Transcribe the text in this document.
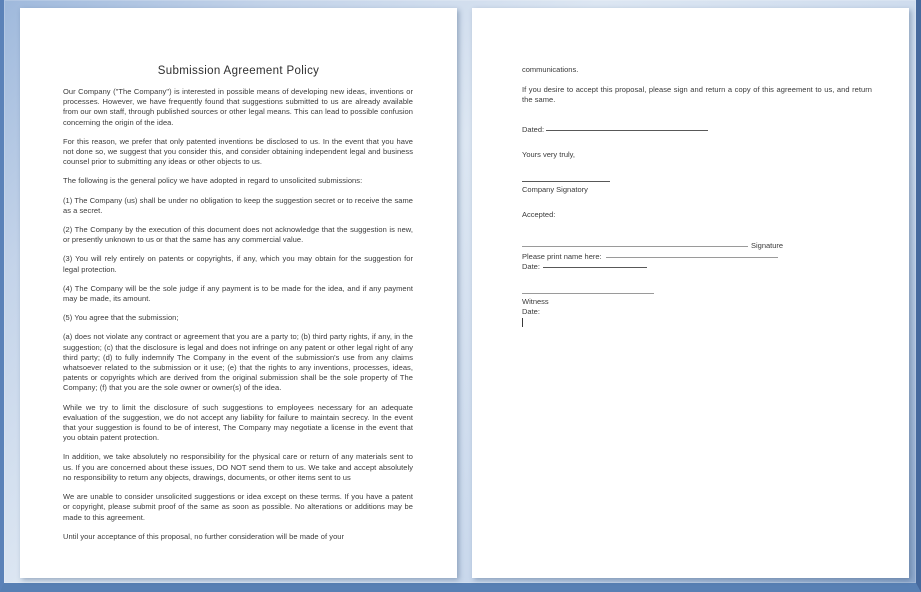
Submission Agreement Policy

Our Company ("The Company") is interested in possible means of developing new ideas, inventions or processes. However, we have frequently found that suggestions submitted to us are already available from our own staff, through published sources or other legal means. This can lead to possible confusion concerning the origin of the idea.

For this reason, we prefer that only patented inventions be disclosed to us. In the event that you have not done so, we suggest that you consider this, and consider obtaining independent legal and business counsel prior to submitting any ideas or other objects to us.

The following is the general policy we have adopted in regard to unsolicited submissions:

(1) The Company (us) shall be under no obligation to keep the suggestion secret or to receive the same as a secret.

(2) The Company by the execution of this document does not acknowledge that the suggestion is new, or presently unknown to us or that the same has any commercial value.

(3) You will rely entirely on patents or copyrights, if any, which you may obtain for the suggestion for legal protection.

(4) The Company will be the sole judge if any payment is to be made for the idea, and if any payment may be made, its amount.

(5) You agree that the submission;

(a) does not violate any contract or agreement that you are a party to; (b) third party rights, if any, in the suggestion; (c) that the disclosure is legal and does not infringe on any patent or other legal right of any third party; (d) to fully indemnify The Company in the event of the submission's use from any claims whatsoever related to the submission or it use; (e) that the rights to any inventions, processes, ideas, patents or copyrights which are derived from the original submission shall be the sole property of The Company; (f) that you are the sole owner or owner(s) of the idea.

While we try to limit the disclosure of such suggestions to employees necessary for an adequate evaluation of the suggestion, we do not accept any liability for failure to maintain secrecy. In the event that your suggestion is found to be of interest, The Company may negotiate a license in the event that you obtain patent protection.

In addition, we take absolutely no responsibility for the physical care or return of any materials sent to us. If you are concerned about these issues, DO NOT send them to us. We take and accept absolutely no responsibility to return any objects, drawings, documents, or other items sent to us

We are unable to consider unsolicited suggestions or idea except on these terms. If you have a patent or copyright, please submit proof of the same as soon as possible. No alterations or additions may be made to this agreement.

Until your acceptance of this proposal, no further consideration will be made of your

communications.

If you desire to accept this proposal, please sign and return a copy of this agreement to us, and return the same.

Dated:
Yours very truly,
Company Signatory
Accepted:
Signature
Please print name here:
Date:
Witness
Date:
